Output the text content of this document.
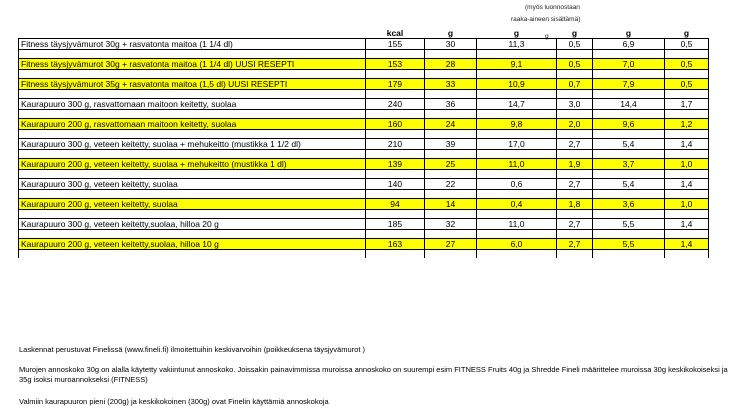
(myös luonnostaan
raaka-aineen sisältämä)
g
	kcal	g	g	g	g	g
Fitness täysjyvämurot 30g + rasvatonta maitoa (1 1/4 dl)	155	30	11,3	0,5	6,9	0,5

Fitness täysjyvämurot 30g + rasvatonta maitoa (1 1/4 dl) UUSI RESEPTI	153	28	9,1	0,5	7,0	0,5

Fitness täysjyvämurot 35g + rasvatonta maitoa (1,5 dl) UUSI RESEPTI	179	33	10,9	0,7	7,9	0,5

Kaurapuuro 300 g, rasvattomaan maitoon keitetty, suolaa	240	36	14,7	3,0	14,4	1,7

Kaurapuuro 200 g, rasvattomaan maitoon keitetty, suolaa	160	24	9,8	2,0	9,6	1,2

Kaurapuuro 300 g, veteen keitetty, suolaa + mehukeitto (mustikka 1 1/2 dl)	210	39	17,0	2,7	5,4	1,4

Kaurapuuro 200 g, veteen keitetty, suolaa + mehukeitto (mustikka 1 dl)	139	25	11,0	1,9	3,7	1,0

Kaurapuuro 300 g, veteen keitetty, suolaa	140	22	0,6	2,7	5,4	1,4

Kaurapuuro 200 g, veteen keitetty, suolaa	94	14	0,4	1,8	3,6	1,0

Kaurapuuro 300 g, veteen keitetty,suolaa, hilloa 20 g	185	32	11,0	2,7	5,5	1,4

Kaurapuuro 200 g, veteen keitetty,suolaa, hilloa 10 g	163	27	6,0	2,7	5,5	1,4

Laskennat perustuvat Finelissä (www.fineli.fi) ilmoitettuihin keskivarvoihin (poikkeuksena täysjyvämurot )
Murojen annoskoko 30g on alalla käytetty vakiintunut annoskoko. Joissakin painavimmissa muroissa annoskoko on suurempi esim FITNESS Fruits 40g ja Shredde Fineli määrittelee muroissa 30g keskikokoiseksi ja 35g isoksi muroannokseksi (FITNESS)
Valmiin kaurapuuron pieni (200g) ja keskikokoinen (300g) ovat Finelin käyttämiä annoskokoja
